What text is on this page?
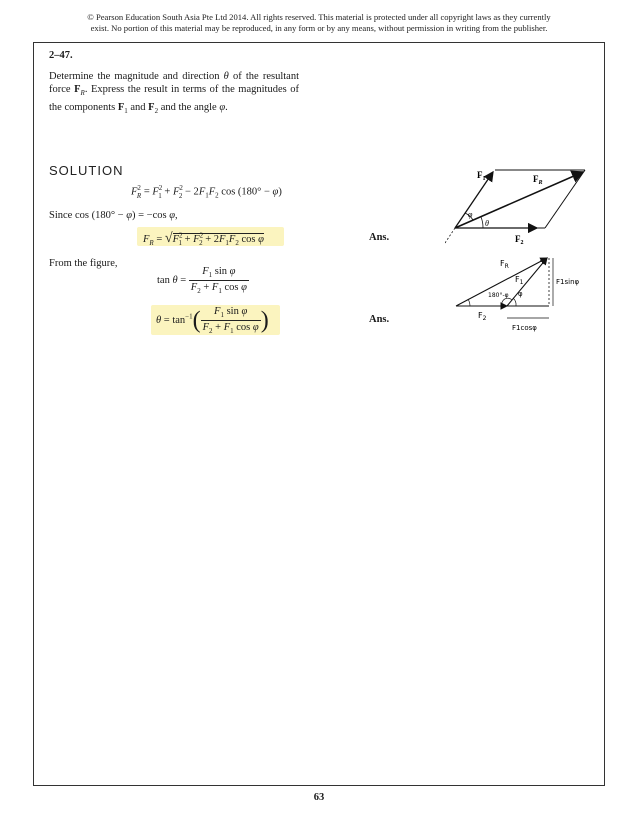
© Pearson Education South Asia Pte Ltd 2014. All rights reserved. This material is protected under all copyright laws as they currently
exist. No portion of this material may be reproduced, in any form or by any means, without permission in writing from the publisher.
2–47.
Determine the magnitude and direction θ of the resultant force $F_R$. Express the result in terms of the magnitudes of the components $F_1$ and $F_2$ and the angle φ.
SOLUTION
$F^2_R = F^2_1 + F^2_2 - 2F_1F_2$ cos (180° − φ)
Since cos (180° − φ) = −cos φ,
$F_R = √F^2_1 + F^2_2 + 2F_1F_2$ cos φ	Ans.
From the figure,
$\tan \theta = \frac{F_1 \sin \varphi}{F_2 + F_1 \cos \varphi}$
$\theta = \tan^{-1}( \frac{F_1 \sin \varphi}{F_2 + F_1 \cos \varphi}$ )	Ans.
$F_1$	$F_R$
$F_2$
φ
θ
$F_R$
$F_1$
180°-φ φ
$F_2$
F1sinφ
F1cosφ
63
